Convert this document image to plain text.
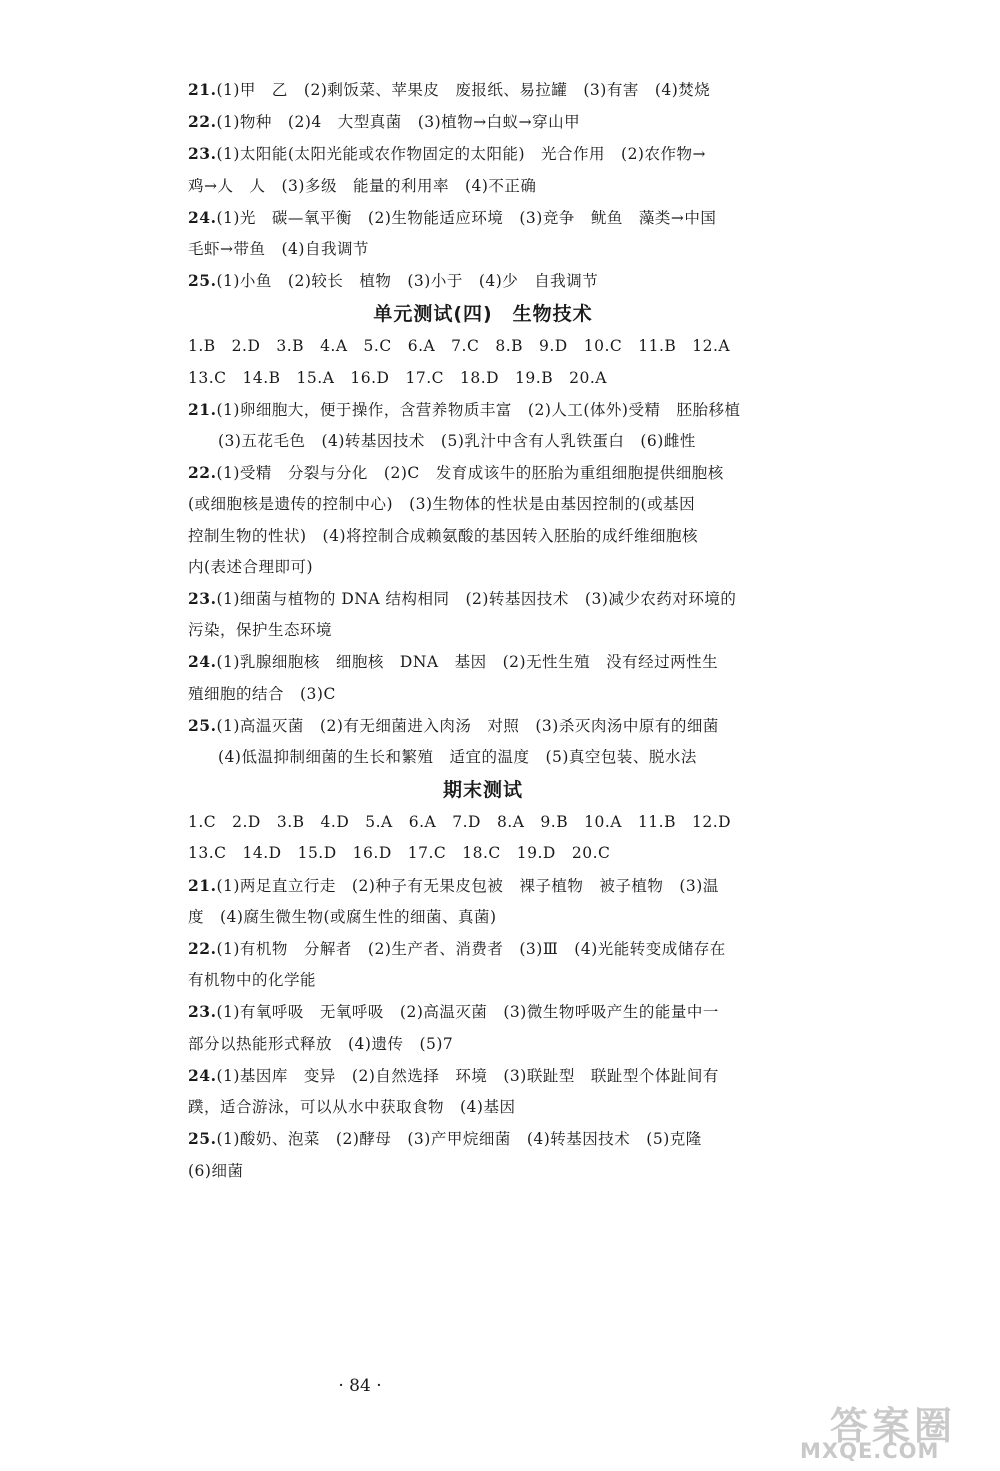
21.(1)甲　乙　(2)剩饭菜、苹果皮　废报纸、易拉罐　(3)有害　(4)焚烧
22.(1)物种　(2)4　大型真菌　(3)植物→白蚁→穿山甲
23.(1)太阳能(太阳光能或农作物固定的太阳能)　光合作用　(2)农作物→
鸡→人　人　(3)多级　能量的利用率　(4)不正确
24.(1)光　碳—氧平衡　(2)生物能适应环境　(3)竞争　鱿鱼　藻类→中国
毛虾→带鱼　(4)自我调节
25.(1)小鱼　(2)较长　植物　(3)小于　(4)少　自我调节
单元测试(四)　生物技术
1.B　2.D　3.B　4.A　5.C　6.A　7.C　8.B　9.D　10.C　11.B　12.A
13.C　14.B　15.A　16.D　17.C　18.D　19.B　20.A
21.(1)卵细胞大，便于操作，含营养物质丰富　(2)人工(体外)受精　胚胎移植
(3)五花毛色　(4)转基因技术　(5)乳汁中含有人乳铁蛋白　(6)雌性
22.(1)受精　分裂与分化　(2)C　发育成该牛的胚胎为重组细胞提供细胞核
(或细胞核是遗传的控制中心)　(3)生物体的性状是由基因控制的(或基因
控制生物的性状)　(4)将控制合成赖氨酸的基因转入胚胎的成纤维细胞核
内(表述合理即可)
23.(1)细菌与植物的 DNA 结构相同　(2)转基因技术　(3)减少农药对环境的
污染，保护生态环境
24.(1)乳腺细胞核　细胞核　DNA　基因　(2)无性生殖　没有经过两性生
殖细胞的结合　(3)C
25.(1)高温灭菌　(2)有无细菌进入肉汤　对照　(3)杀灭肉汤中原有的细菌
(4)低温抑制细菌的生长和繁殖　适宜的温度　(5)真空包装、脱水法
期末测试
1.C　2.D　3.B　4.D　5.A　6.A　7.D　8.A　9.B　10.A　11.B　12.D
13.C　14.D　15.D　16.D　17.C　18.C　19.D　20.C
21.(1)两足直立行走　(2)种子有无果皮包被　裸子植物　被子植物　(3)温
度　(4)腐生微生物(或腐生性的细菌、真菌)
22.(1)有机物　分解者　(2)生产者、消费者　(3)Ⅲ　(4)光能转变成储存在
有机物中的化学能
23.(1)有氧呼吸　无氧呼吸　(2)高温灭菌　(3)微生物呼吸产生的能量中一
部分以热能形式释放　(4)遗传　(5)7
24.(1)基因库　变异　(2)自然选择　环境　(3)联趾型　联趾型个体趾间有
蹼，适合游泳，可以从水中获取食物　(4)基因
25.(1)酸奶、泡菜　(2)酵母　(3)产甲烷细菌　(4)转基因技术　(5)克隆
(6)细菌
· 84 ·
答案圈
MXQE.COM
